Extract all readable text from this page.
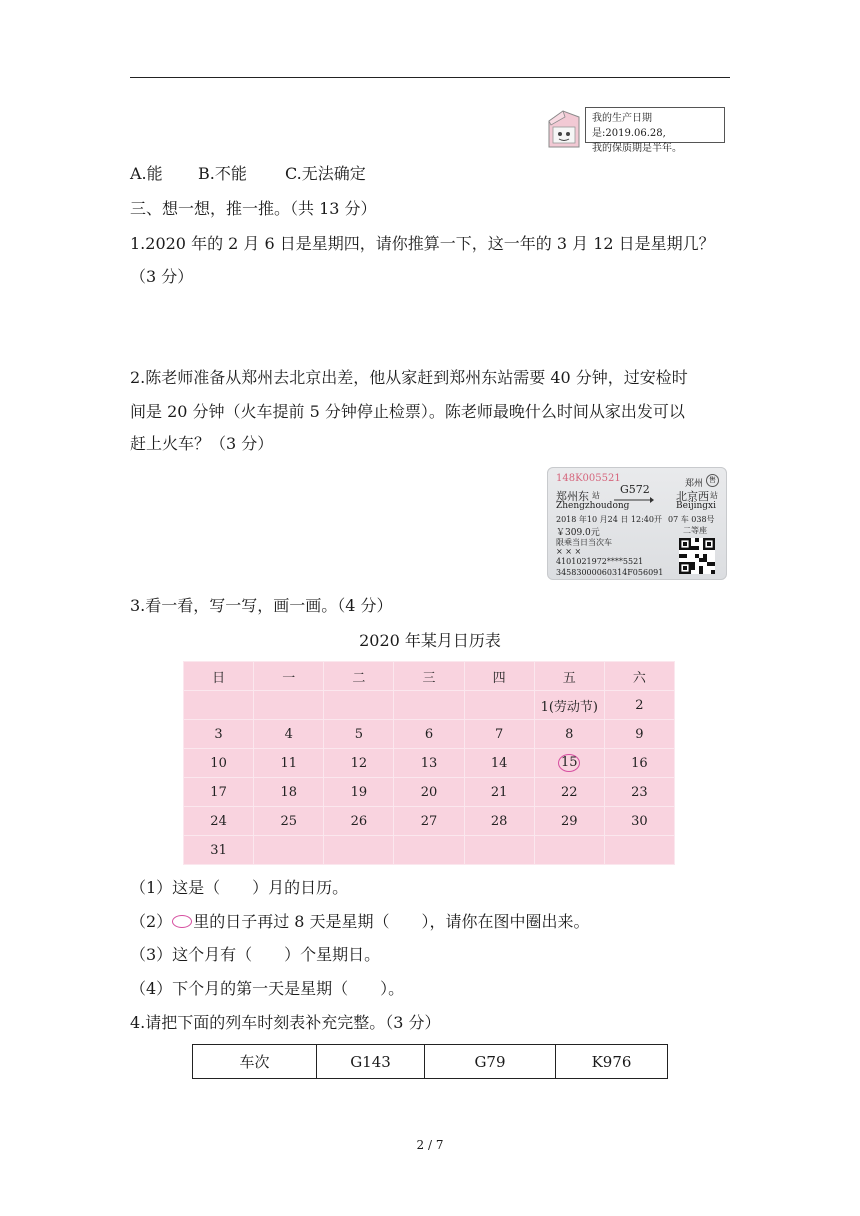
我的生产日期是:2019.06.28,
我的保质期是半年。
A.能 B.不能 C.无法确定
三、想一想，推一推。（共 13 分）
1.2020 年的 2 月 6 日是星期四，请你推算一下，这一年的 3 月 12 日是星期几？
（3 分）
2.陈老师准备从郑州去北京出差，他从家赶到郑州东站需要 40 分钟，过安检时
间是 20 分钟（火车提前 5 分钟停止检票）。陈老师最晚什么时间从家出发可以
赶上火车？（3 分）
148K005521	郑州 售
郑州东 站 G572
北京西 站
Zhengzhoudong	Beijingxi
2018 年10 月24 日 12:40开 07 车 038号
￥309.0元	二等座
限乘当日当次车
× × ×
4101021972****5521
34583000060314F056091
3.看一看，写一写，画一画。（4 分）
2020 年某月日历表
日	一	二	三	四	五	六
					1(劳动节)	2
3	4	5	6	7	8	9
10	11	12	13	14	15	16
17	18	19	20	21	22	23
24	25	26	27	28	29	30
31						
（1）这是（　　）月的日历。
（2） 里的日子再过 8 天是星期（　　），请你在图中圈出来。
（3）这个月有（　　）个星期日。
（4）下个月的第一天是星期（　　）。
4.请把下面的列车时刻表补充完整。（3 分）
车次	G143	G79	K976
2 / 7
